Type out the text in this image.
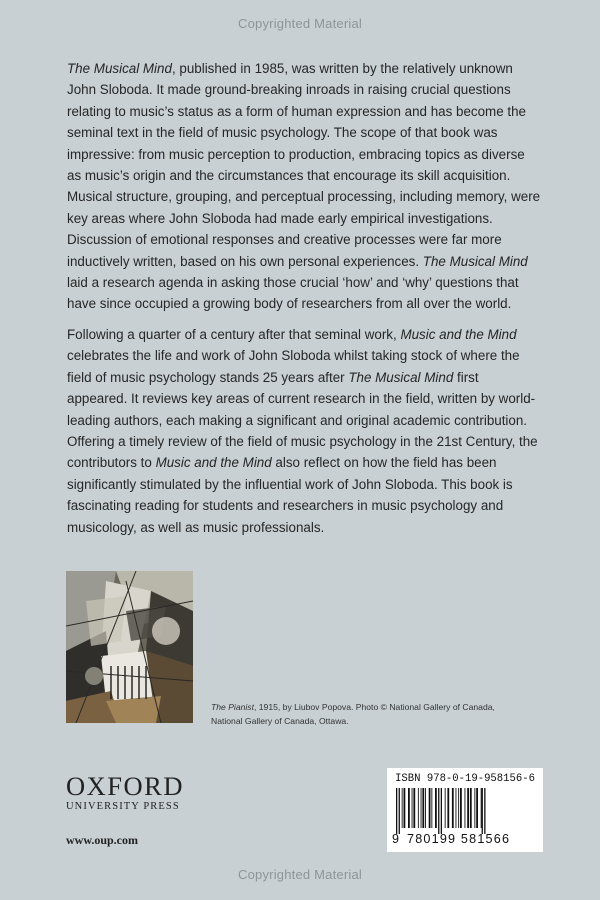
Copyrighted Material

The Musical Mind, published in 1985, was written by the relatively unknown John Sloboda. It made ground-breaking inroads in raising crucial questions relating to music’s status as a form of human expression and has become the seminal text in the field of music psychology. The scope of that book was impressive: from music perception to production, embracing topics as diverse as music’s origin and the circumstances that encourage its skill acquisition. Musical structure, grouping, and perceptual processing, including memory, were key areas where John Sloboda had made early empirical investigations. Discussion of emotional responses and creative processes were far more inductively written, based on his own personal experiences. The Musical Mind laid a research agenda in asking those crucial ‘how’ and ‘why’ questions that have since occupied a growing body of researchers from all over the world.

Following a quarter of a century after that seminal work, Music and the Mind celebrates the life and work of John Sloboda whilst taking stock of where the field of music psychology stands 25 years after The Musical Mind first appeared. It reviews key areas of current research in the field, written by world-leading authors, each making a significant and original academic contribution. Offering a timely review of the field of music psychology in the 21st Century, the contributors to Music and the Mind also reflect on how the field has been significantly stimulated by the influential work of John Sloboda. This book is fascinating reading for students and researchers in music psychology and musicology, as well as music professionals.

The Pianist, 1915, by Liubov Popova. Photo © National Gallery of Canada, National Gallery of Canada, Ottawa.
OXFORD
UNIVERSITY PRESS
www.oup.com
ISBN 978-0-19-958156-6
9 780199 581566
Copyrighted Material
